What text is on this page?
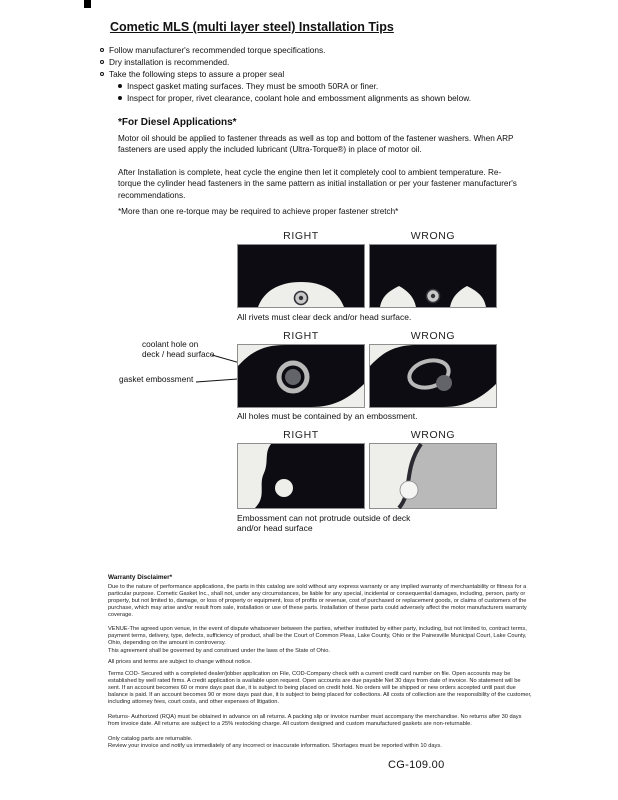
Cometic MLS (multi layer steel) Installation Tips
Follow manufacturer's recommended torque specifications.
Dry installation is recommended.
Take the following steps to assure a proper seal
Inspect gasket mating surfaces. They must be smooth 50RA or finer.
Inspect for proper, rivet clearance, coolant hole and embossment alignments as shown below.
*For Diesel Applications*

Motor oil should be applied to fastener threads as well as top and bottom of the fastener washers. When ARP fasteners are used apply the included lubricant (Ultra-Torque®) in place of motor oil.

After Installation is complete, heat cycle the engine then let it completely cool to ambient temperature. Re-torque the cylinder head fasteners in the same pattern as initial installation or per your fastener manufacturer's recommendations.

*More than one re-torque may be required to achieve proper fastener stretch*

RIGHT	WRONG
All rivets must clear deck and/or head surface.
RIGHT	WRONG
coolant hole on
deck / head surface
gasket embossment
All holes must be contained by an embossment.
RIGHT	WRONG
Embossment can not protrude outside of deck
and/or head surface
Warranty Disclaimer*

Due to the nature of performance applications, the parts in this catalog are sold without any express warranty or any implied warranty of merchantability or fitness for a particular purpose. Cometic Gasket Inc., shall not, under any circumstances, be liable for any special, incidental or consequential damages, including, person, party or property, but not limited to, damage, or loss of property or equipment, loss of profits or revenue, cost of purchased or replacement goods, or claims of customers of the purchase, which may arise and/or result from sale, installation or use of these parts. Installation of these parts could adversely affect the motor manufacturers warranty coverage.

VENUE-The agreed upon venue, in the event of dispute whatsoever between the parties, whether instituted by either party, including, but not limited to, contract terms, payment terms, delivery, type, defects, sufficiency of product, shall be the Court of Common Pleas, Lake County, Ohio or the Painesville Municipal Court, Lake County, Ohio, depending on the amount in controversy.

This agreement shall be governed by and construed under the laws of the State of Ohio.

All prices and terms are subject to change without notice.

Terms COD- Secured with a completed dealer/jobber application on File, COD-Company check with a current credit card number on file. Open accounts may be established by well rated firms. A credit application is available upon request. Open accounts are due payable Net 30 days from date of invoice. No statement will be sent. If an account becomes 60 or more days past due, it is subject to being placed on credit hold. No orders will be shipped or new orders accepted until past due balance is paid. If an account becomes 90 or more days past due, it is subject to being placed for collections. All costs of collection are the responsibility of the customer, including attorney fees, court costs, and other expenses of litigation.

Returns- Authorized (RQA) must be obtained in advance on all returns. A packing slip or invoice number must accompany the merchandise. No returns after 30 days from invoice date. All returns are subject to a 25% restocking charge. All custom designed and custom manufactured gaskets are non-returnable.

Only catalog parts are returnable.

Review your invoice and notify us immediately of any incorrect or inaccurate information. Shortages must be reported within 10 days.

CG-109.00
